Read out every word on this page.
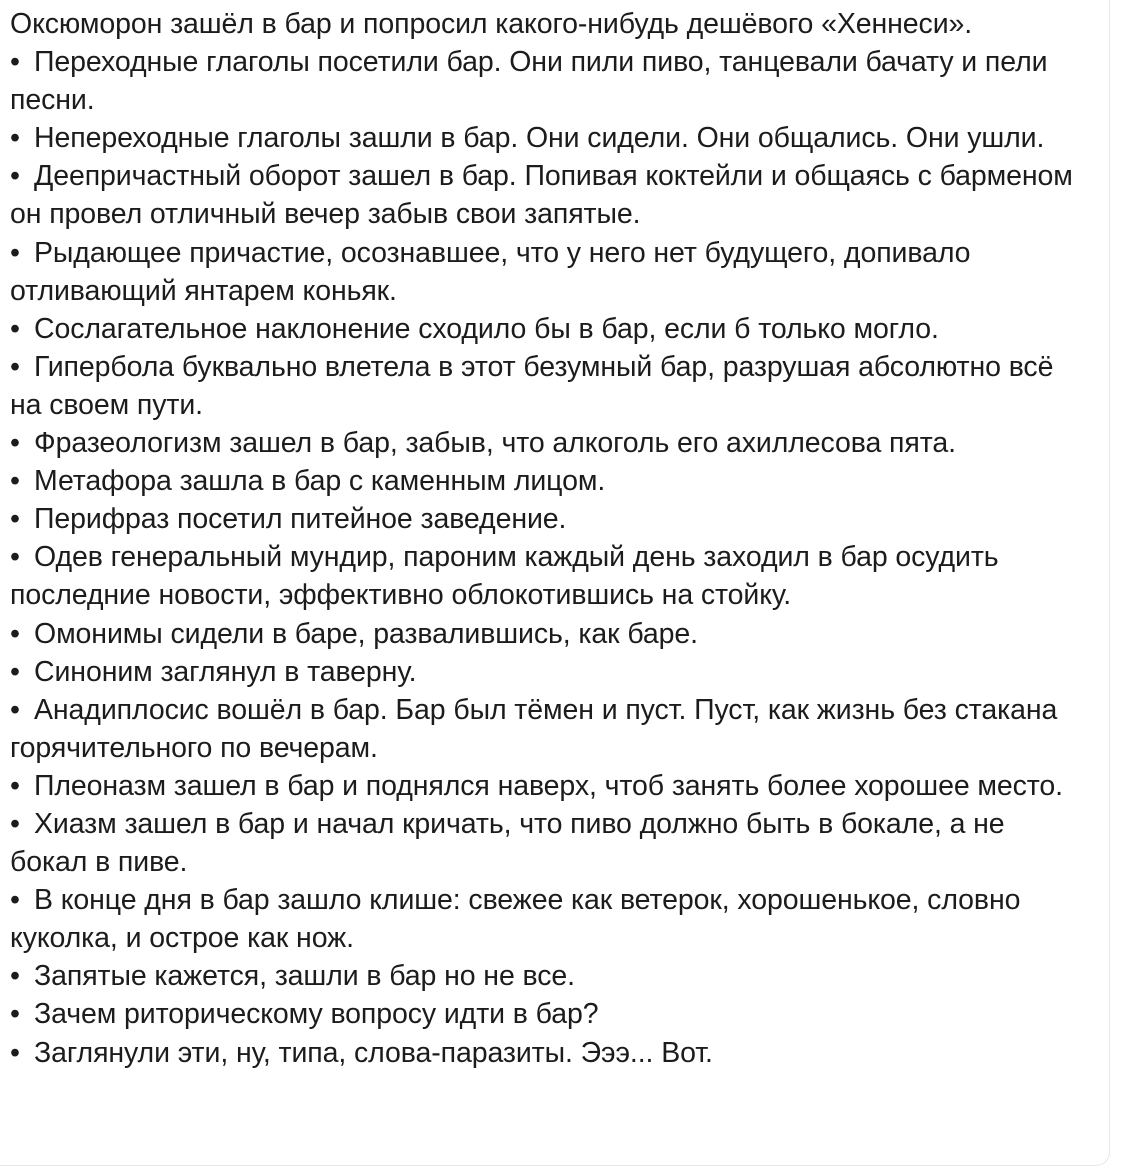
Оксюморон зашёл в бар и попросил какого-нибудь дешёвого «Хеннеси».

• Переходные глаголы посетили бар. Они пили пиво, танцевали бачату и пели песни.

• Непереходные глаголы зашли в бар. Они сидели. Они общались. Они ушли.

• Деепричастный оборот зашел в бар. Попивая коктейли и общаясь с барменом он провел отличный вечер забыв свои запятые.

• Рыдающее причастие, осознавшее, что у него нет будущего, допивало отливающий янтарем коньяк.

• Сослагательное наклонение сходило бы в бар, если б только могло.

• Гипербола буквально влетела в этот безумный бар, разрушая абсолютно всё на своем пути.

• Фразеологизм зашел в бар, забыв, что алкоголь его ахиллесова пята.

• Метафора зашла в бар с каменным лицом.

• Перифраз посетил питейное заведение.

• Одев генеральный мундир, пароним каждый день заходил в бар осудить последние новости, эффективно облокотившись на стойку.

• Омонимы сидели в баре, развалившись, как баре.

• Синоним заглянул в таверну.

• Анадиплосис вошёл в бар. Бар был тёмен и пуст. Пуст, как жизнь без стакана горячительного по вечерам.

• Плеоназм зашел в бар и поднялся наверх, чтоб занять более хорошее место.

• Хиазм зашел в бар и начал кричать, что пиво должно быть в бокале, а не бокал в пиве.

• В конце дня в бар зашло клише: свежее как ветерок, хорошенькое, словно куколка, и острое как нож.

• Запятые кажется, зашли в бар но не все.

• Зачем риторическому вопросу идти в бар?

• Заглянули эти, ну, типа, слова-паразиты. Эээ... Вот.
